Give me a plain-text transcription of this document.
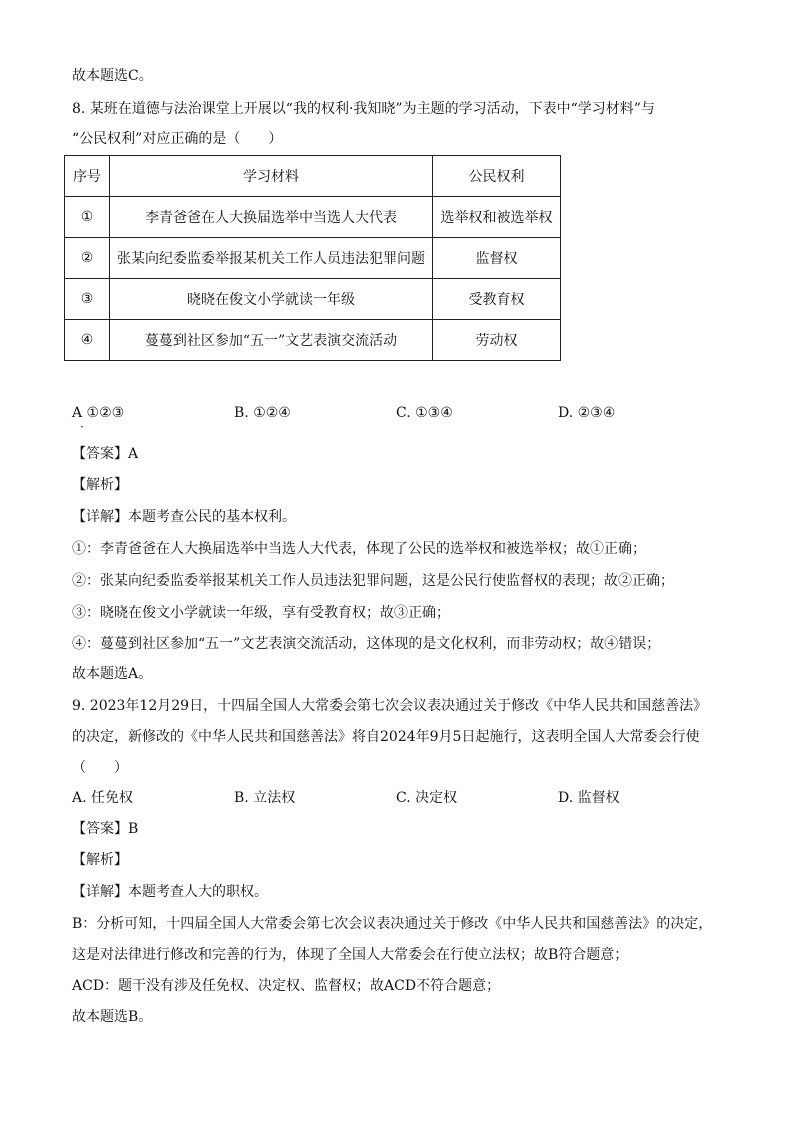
故本题选C。
8. 某班在道德与法治课堂上开展以“我的权利·我知晓”为主题的学习活动，下表中“学习材料”与
“公民权利”对应正确的是（　　）
序号	学习材料	公民权利
①	李青爸爸在人大换届选举中当选人大代表	选举权和被选举权
②	张某向纪委监委举报某机关工作人员违法犯罪问题	监督权
③	晓晓在俊文小学就读一年级	受教育权
④	蔓蔓到社区参加“五一”文艺表演交流活动	劳动权
A ①②③	B. ①②④	C. ①③④	D. ②③④
·
【答案】A
【解析】
【详解】本题考查公民的基本权利。
①：李青爸爸在人大换届选举中当选人大代表，体现了公民的选举权和被选举权；故①正确；
②：张某向纪委监委举报某机关工作人员违法犯罪问题，这是公民行使监督权的表现；故②正确；
③：晓晓在俊文小学就读一年级，享有受教育权；故③正确；
④：蔓蔓到社区参加“五一”文艺表演交流活动，这体现的是文化权利，而非劳动权；故④错误；
故本题选A。
9. 2023年12月29日，十四届全国人大常委会第七次会议表决通过关于修改《中华人民共和国慈善法》
的决定，新修改的《中华人民共和国慈善法》将自2024年9月5日起施行，这表明全国人大常委会行使
（　　）
A. 任免权	B. 立法权	C. 决定权	D. 监督权
【答案】B
【解析】
【详解】本题考查人大的职权。
B：分析可知，十四届全国人大常委会第七次会议表决通过关于修改《中华人民共和国慈善法》的决定，
这是对法律进行修改和完善的行为，体现了全国人大常委会在行使立法权；故B符合题意；
ACD：题干没有涉及任免权、决定权、监督权；故ACD不符合题意；
故本题选B。
